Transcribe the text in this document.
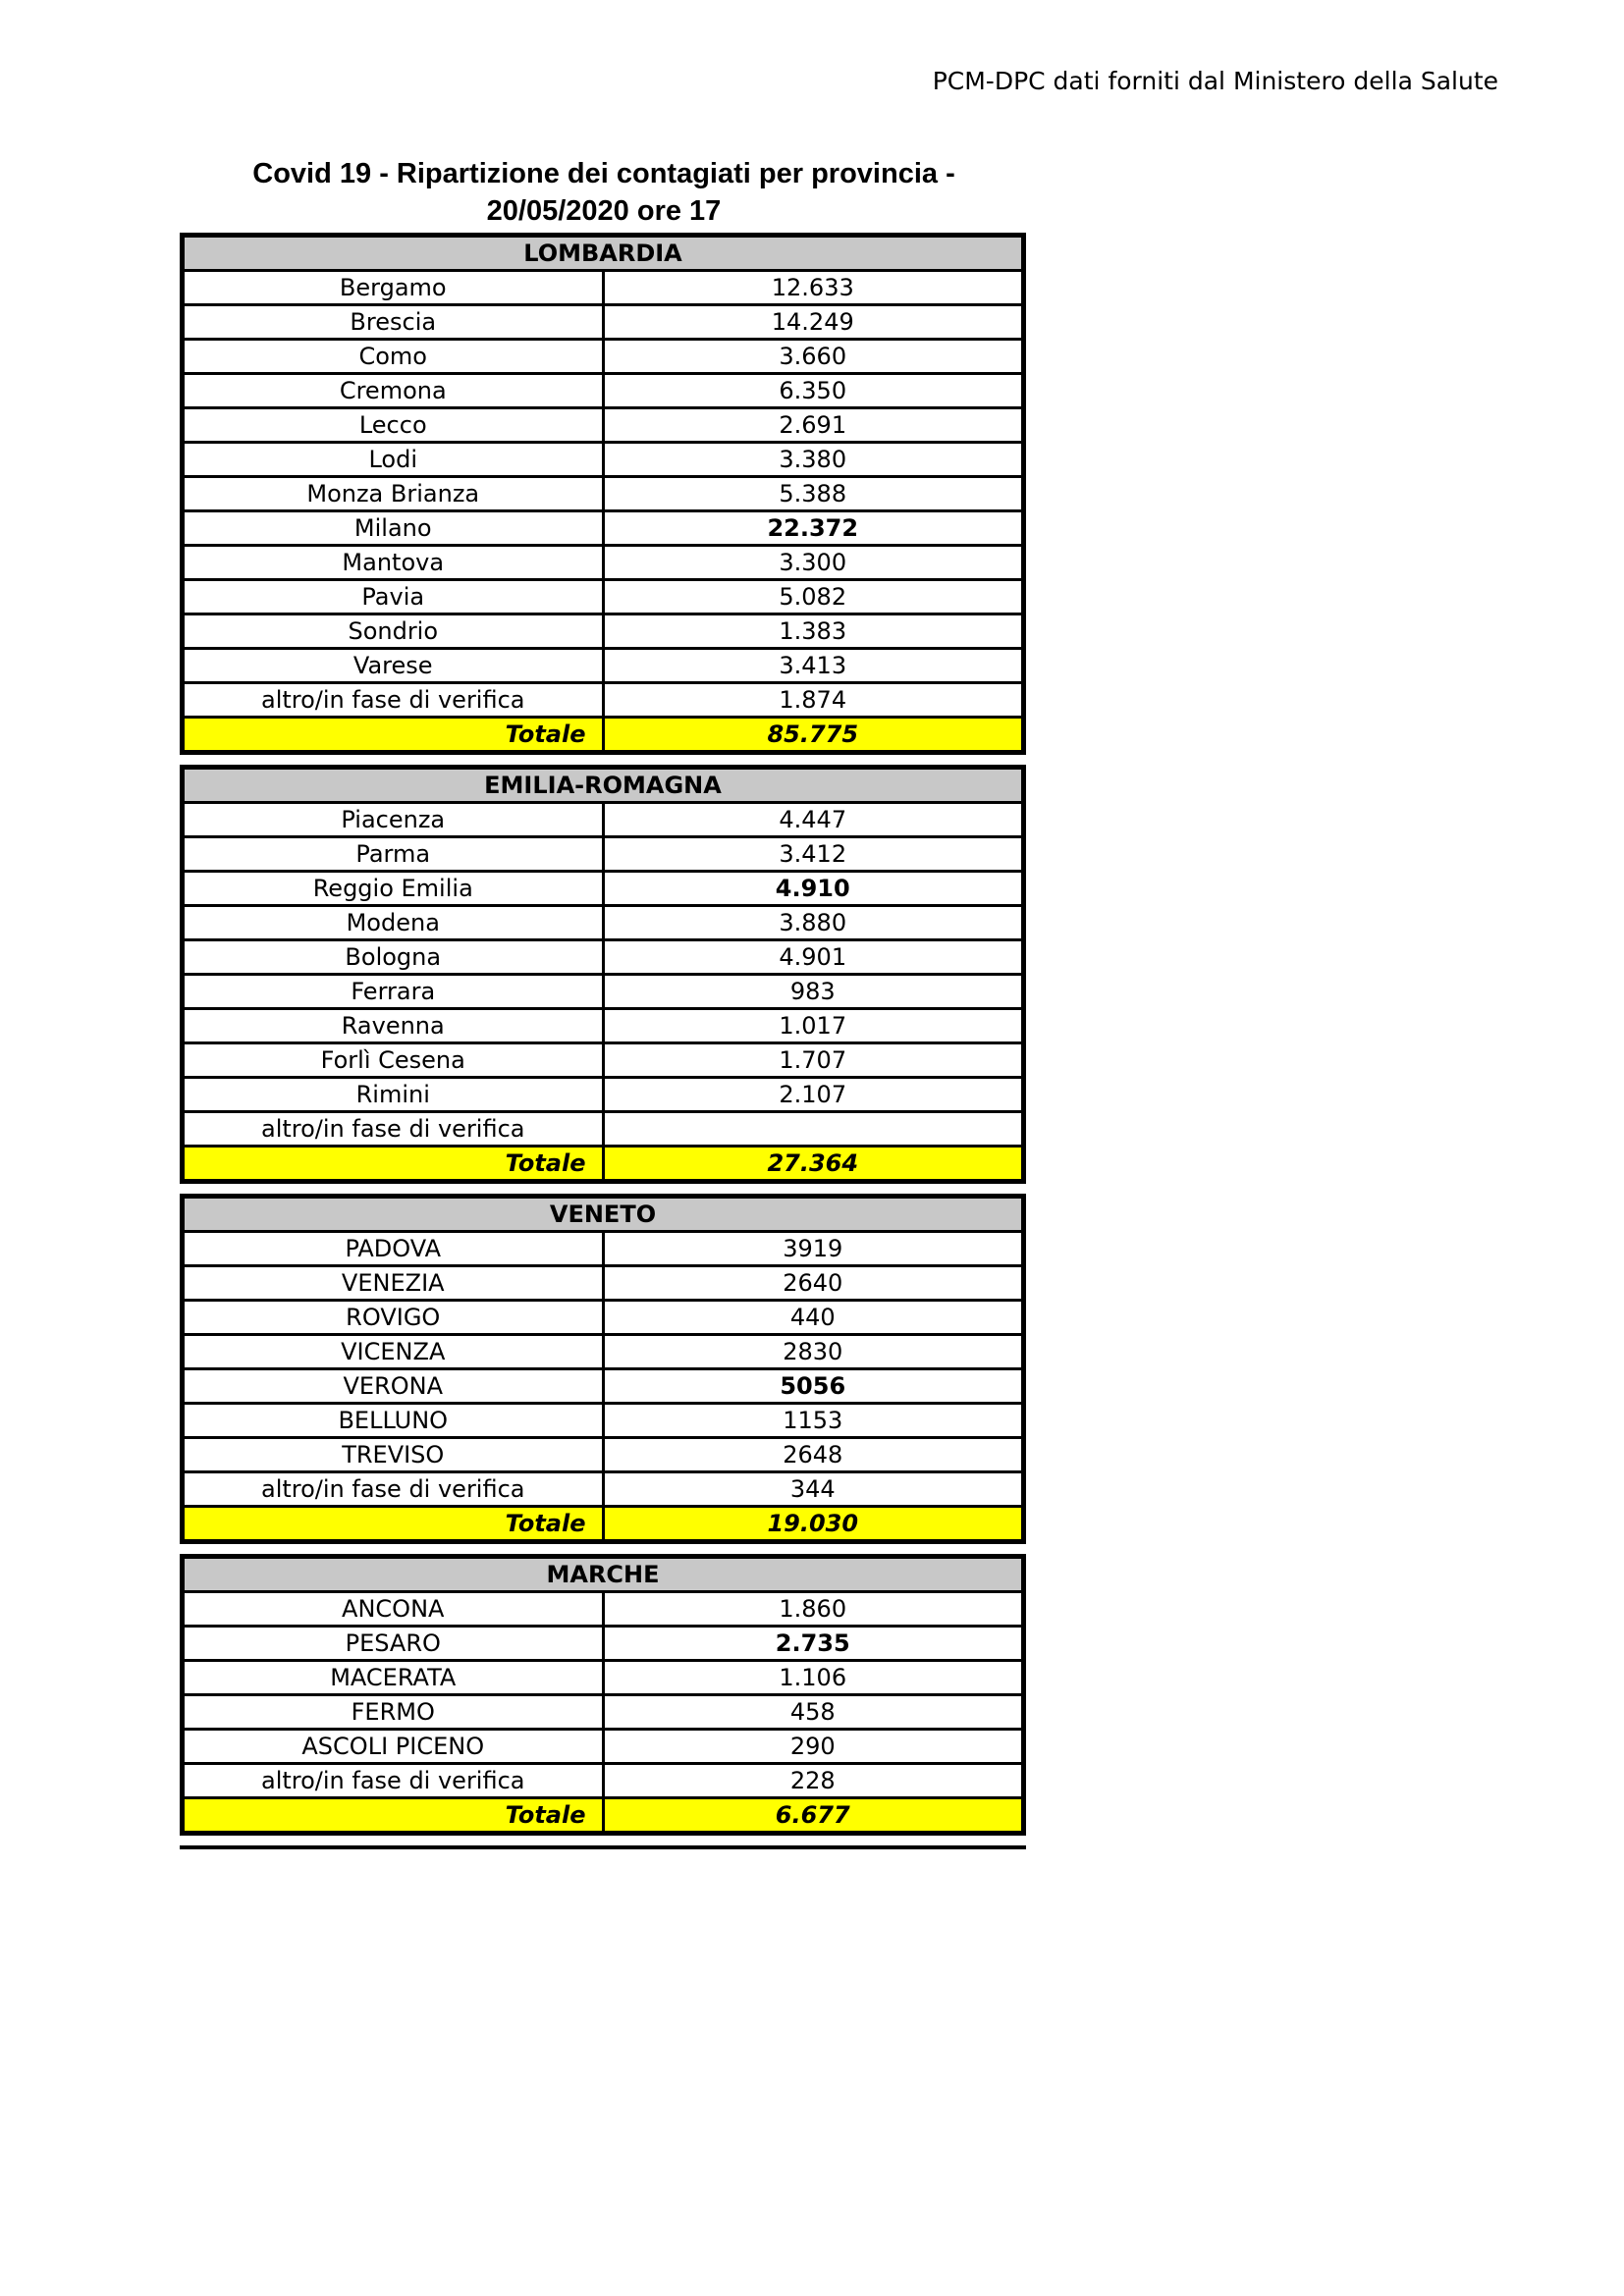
PCM-DPC dati forniti dal Ministero della Salute
Covid 19 - Ripartizione dei contagiati per provincia -
20/05/2020 ore 17
LOMBARDIA	
Bergamo	12.633
Brescia	14.249
Como	3.660
Cremona	6.350
Lecco	2.691
Lodi	3.380
Monza Brianza	5.388
Milano	22.372
Mantova	3.300
Pavia	5.082
Sondrio	1.383
Varese	3.413
altro/in fase di verifica	1.874
Totale	85.775
EMILIA-ROMAGNA	
Piacenza	4.447
Parma	3.412
Reggio Emilia	4.910
Modena	3.880
Bologna	4.901
Ferrara	983
Ravenna	1.017
Forlì Cesena	1.707
Rimini	2.107
altro/in fase di verifica	
Totale	27.364
VENETO	
PADOVA	3919
VENEZIA	2640
ROVIGO	440
VICENZA	2830
VERONA	5056
BELLUNO	1153
TREVISO	2648
altro/in fase di verifica	344
Totale	19.030
MARCHE	
ANCONA	1.860
PESARO	2.735
MACERATA	1.106
FERMO	458
ASCOLI PICENO	290
altro/in fase di verifica	228
Totale	6.677
